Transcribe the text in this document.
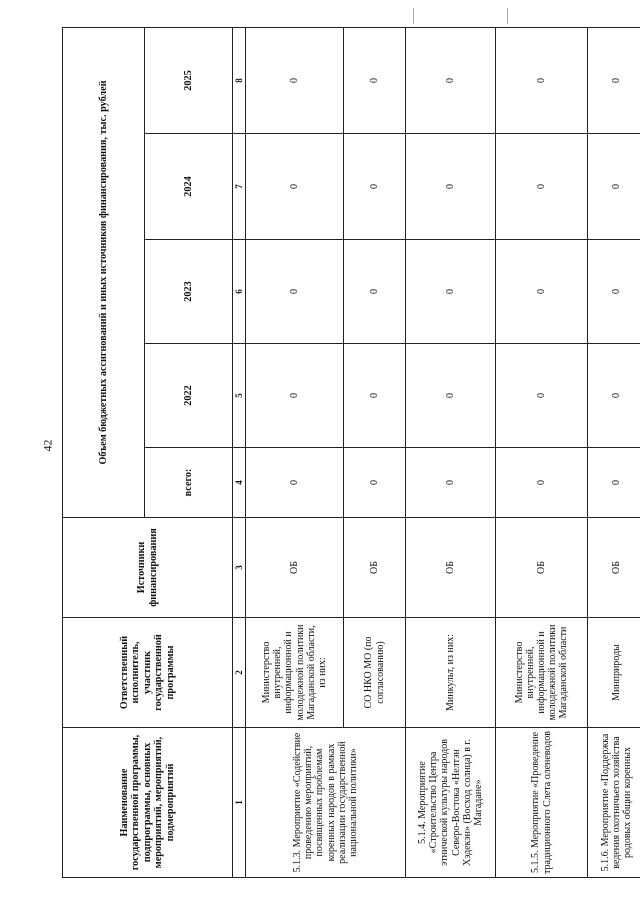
42
Наименование государственной программы, подпрограммы, основных мероприятий, мероприятий, подмероприятий	Ответственный исполнитель, участник государственной программы	Источники финансирования	Объем бюджетных ассигнований и иных источников финансирования, тыс. рублей				
			всего:	2022	2023	2024	2025
1	2	3	4	5	6	7	8
5.1.3. Мероприятие «Содействие проведению мероприятий, посвященных проблемам коренных народов в рамках реализации государственной национальной политики»	Министерство внутренней, информационной и молодежной политики Магаданской области, из них:	ОБ	0	0	0	0	0
	СО НКО МО (по согласованию)	ОБ	0	0	0	0	0
5.1.4. Мероприятие «Строительство Центра этнической культуры народов Северо-Востока «Нелтэн Хэдекэн» (Восход солнца) в г. Магадане»	Минкульт, из них:	ОБ	0	0	0	0	0
5.1.5. Мероприятие «Проведение традиционного Слета оленеводов	Министерство внутренней, информационной и молодежной политики Магаданской области	ОБ	0	0	0	0	0
5.1.6. Мероприятие «Поддержка ведения охотничьего хозяйства родовых общин коренных	Минприроды	ОБ	0	0	0	0	0
